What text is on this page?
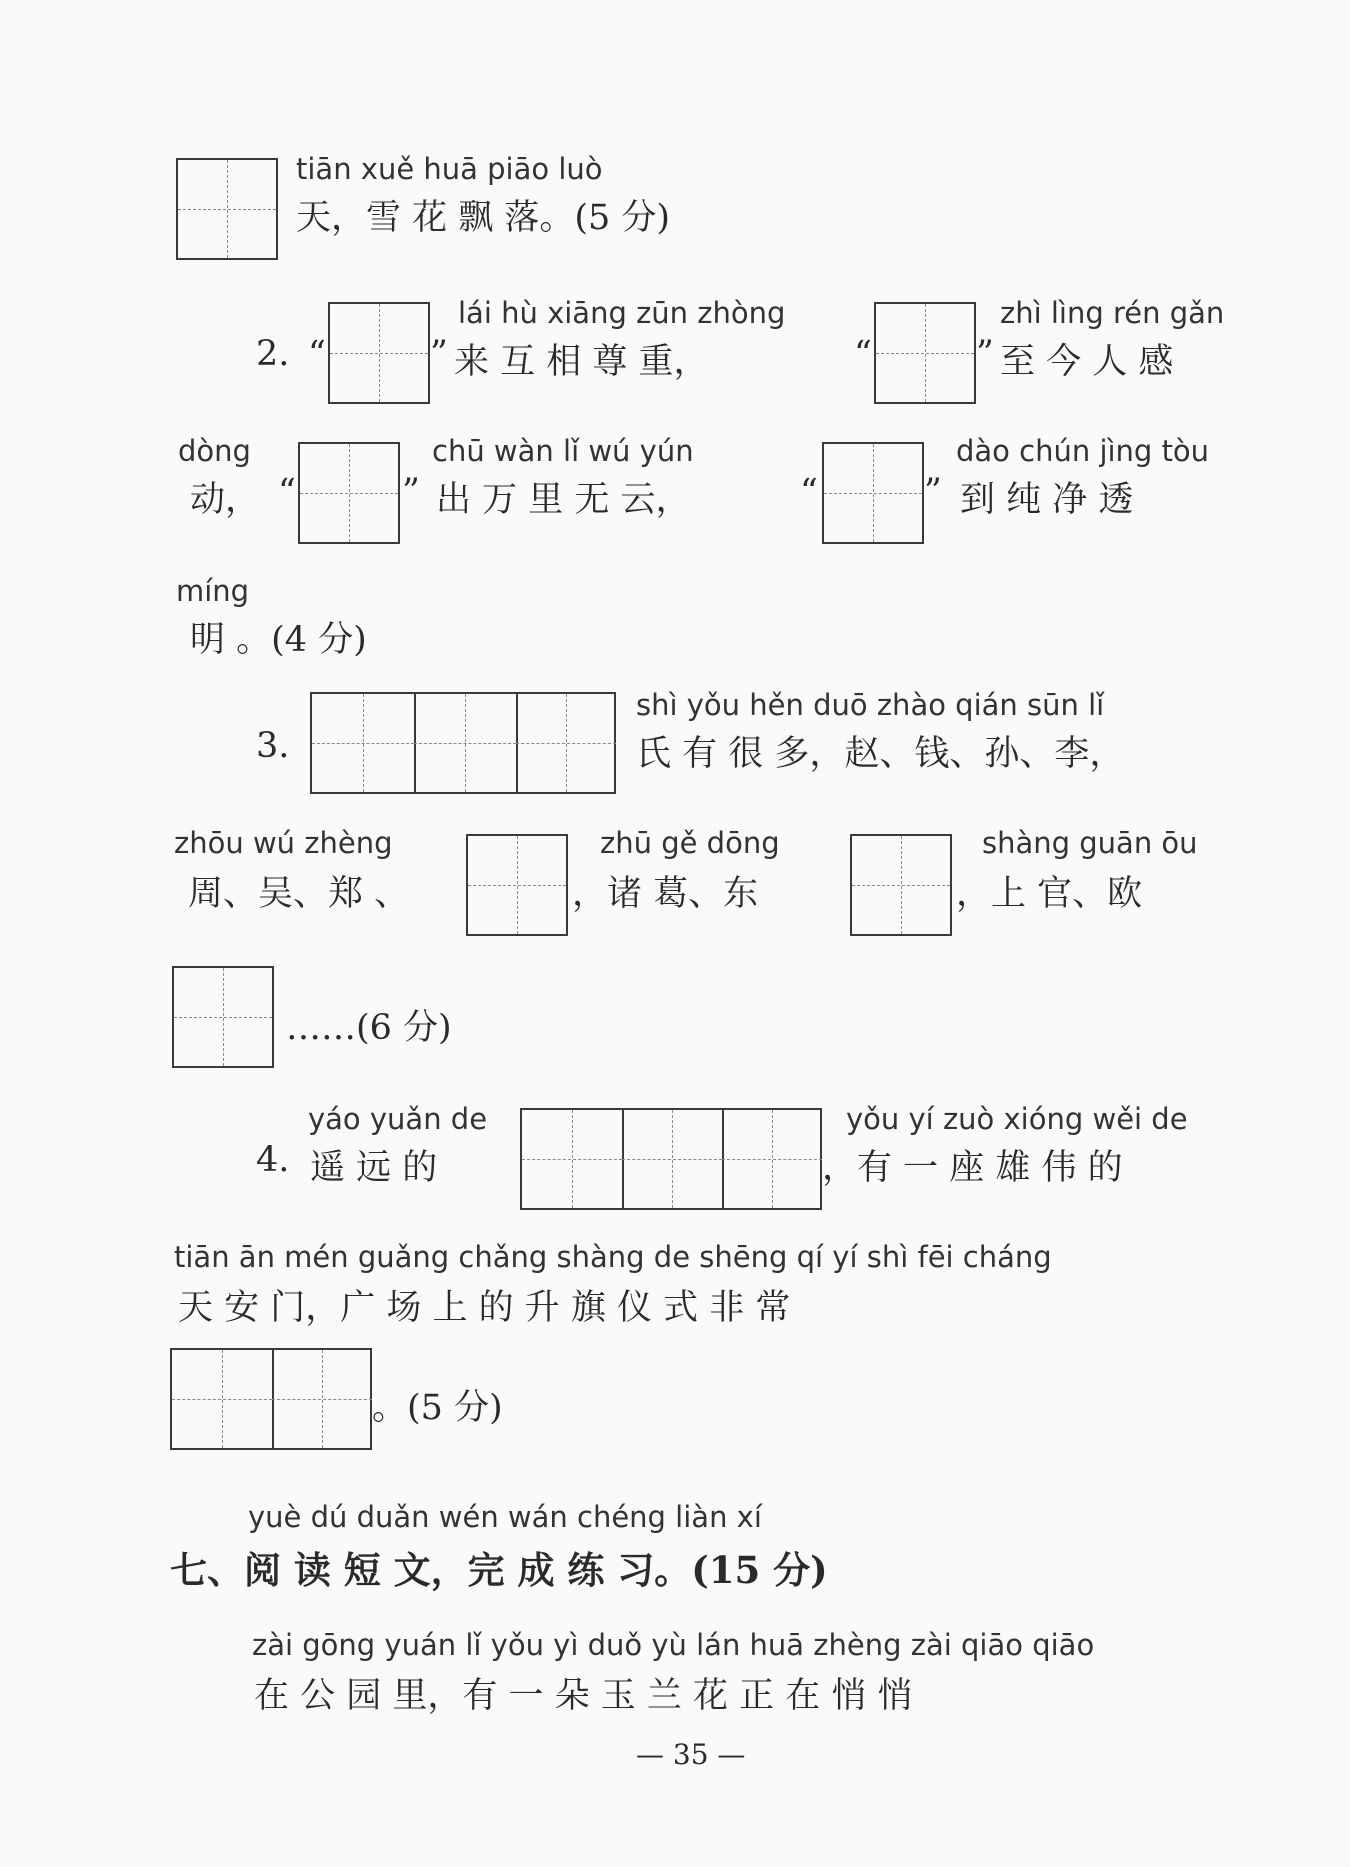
tiān xuě huā piāo luò
天，雪 花 飘 落。(5 分)
2. “	”
lái hù xiāng zūn zhòng
来 互 相 尊 重，	“	”
zhì lìng rén gǎn
至 今 人 感
dòng
动， “	”
chū wàn lǐ wú yún
出 万 里 无 云，	“	”
dào chún jìng tòu
到 纯 净 透
míng
明 。(4 分)
3.
shì yǒu hěn duō zhào qián sūn lǐ
氏 有 很 多，赵、钱、孙、李，
zhōu wú zhèng
周、吴、郑 、
zhū gě dōng
，诸 葛、东
shàng guān ōu
，上 官、欧
……(6 分)
yáo yuǎn de
4. 遥 远 的
yǒu yí zuò xióng wěi de
，有 一 座 雄 伟 的
tiān ān mén guǎng chǎng shàng de shēng qí yí shì fēi cháng
天 安 门，广 场 上 的 升 旗 仪 式 非 常
。(5 分)
yuè dú duǎn wén wán chéng liàn xí
七、阅 读 短 文，完 成 练 习。(15 分)
zài gōng yuán lǐ yǒu yì duǒ yù lán huā zhèng zài qiāo qiāo
在 公 园 里，有 一 朵 玉 兰 花 正 在 悄 悄
— 35 —
